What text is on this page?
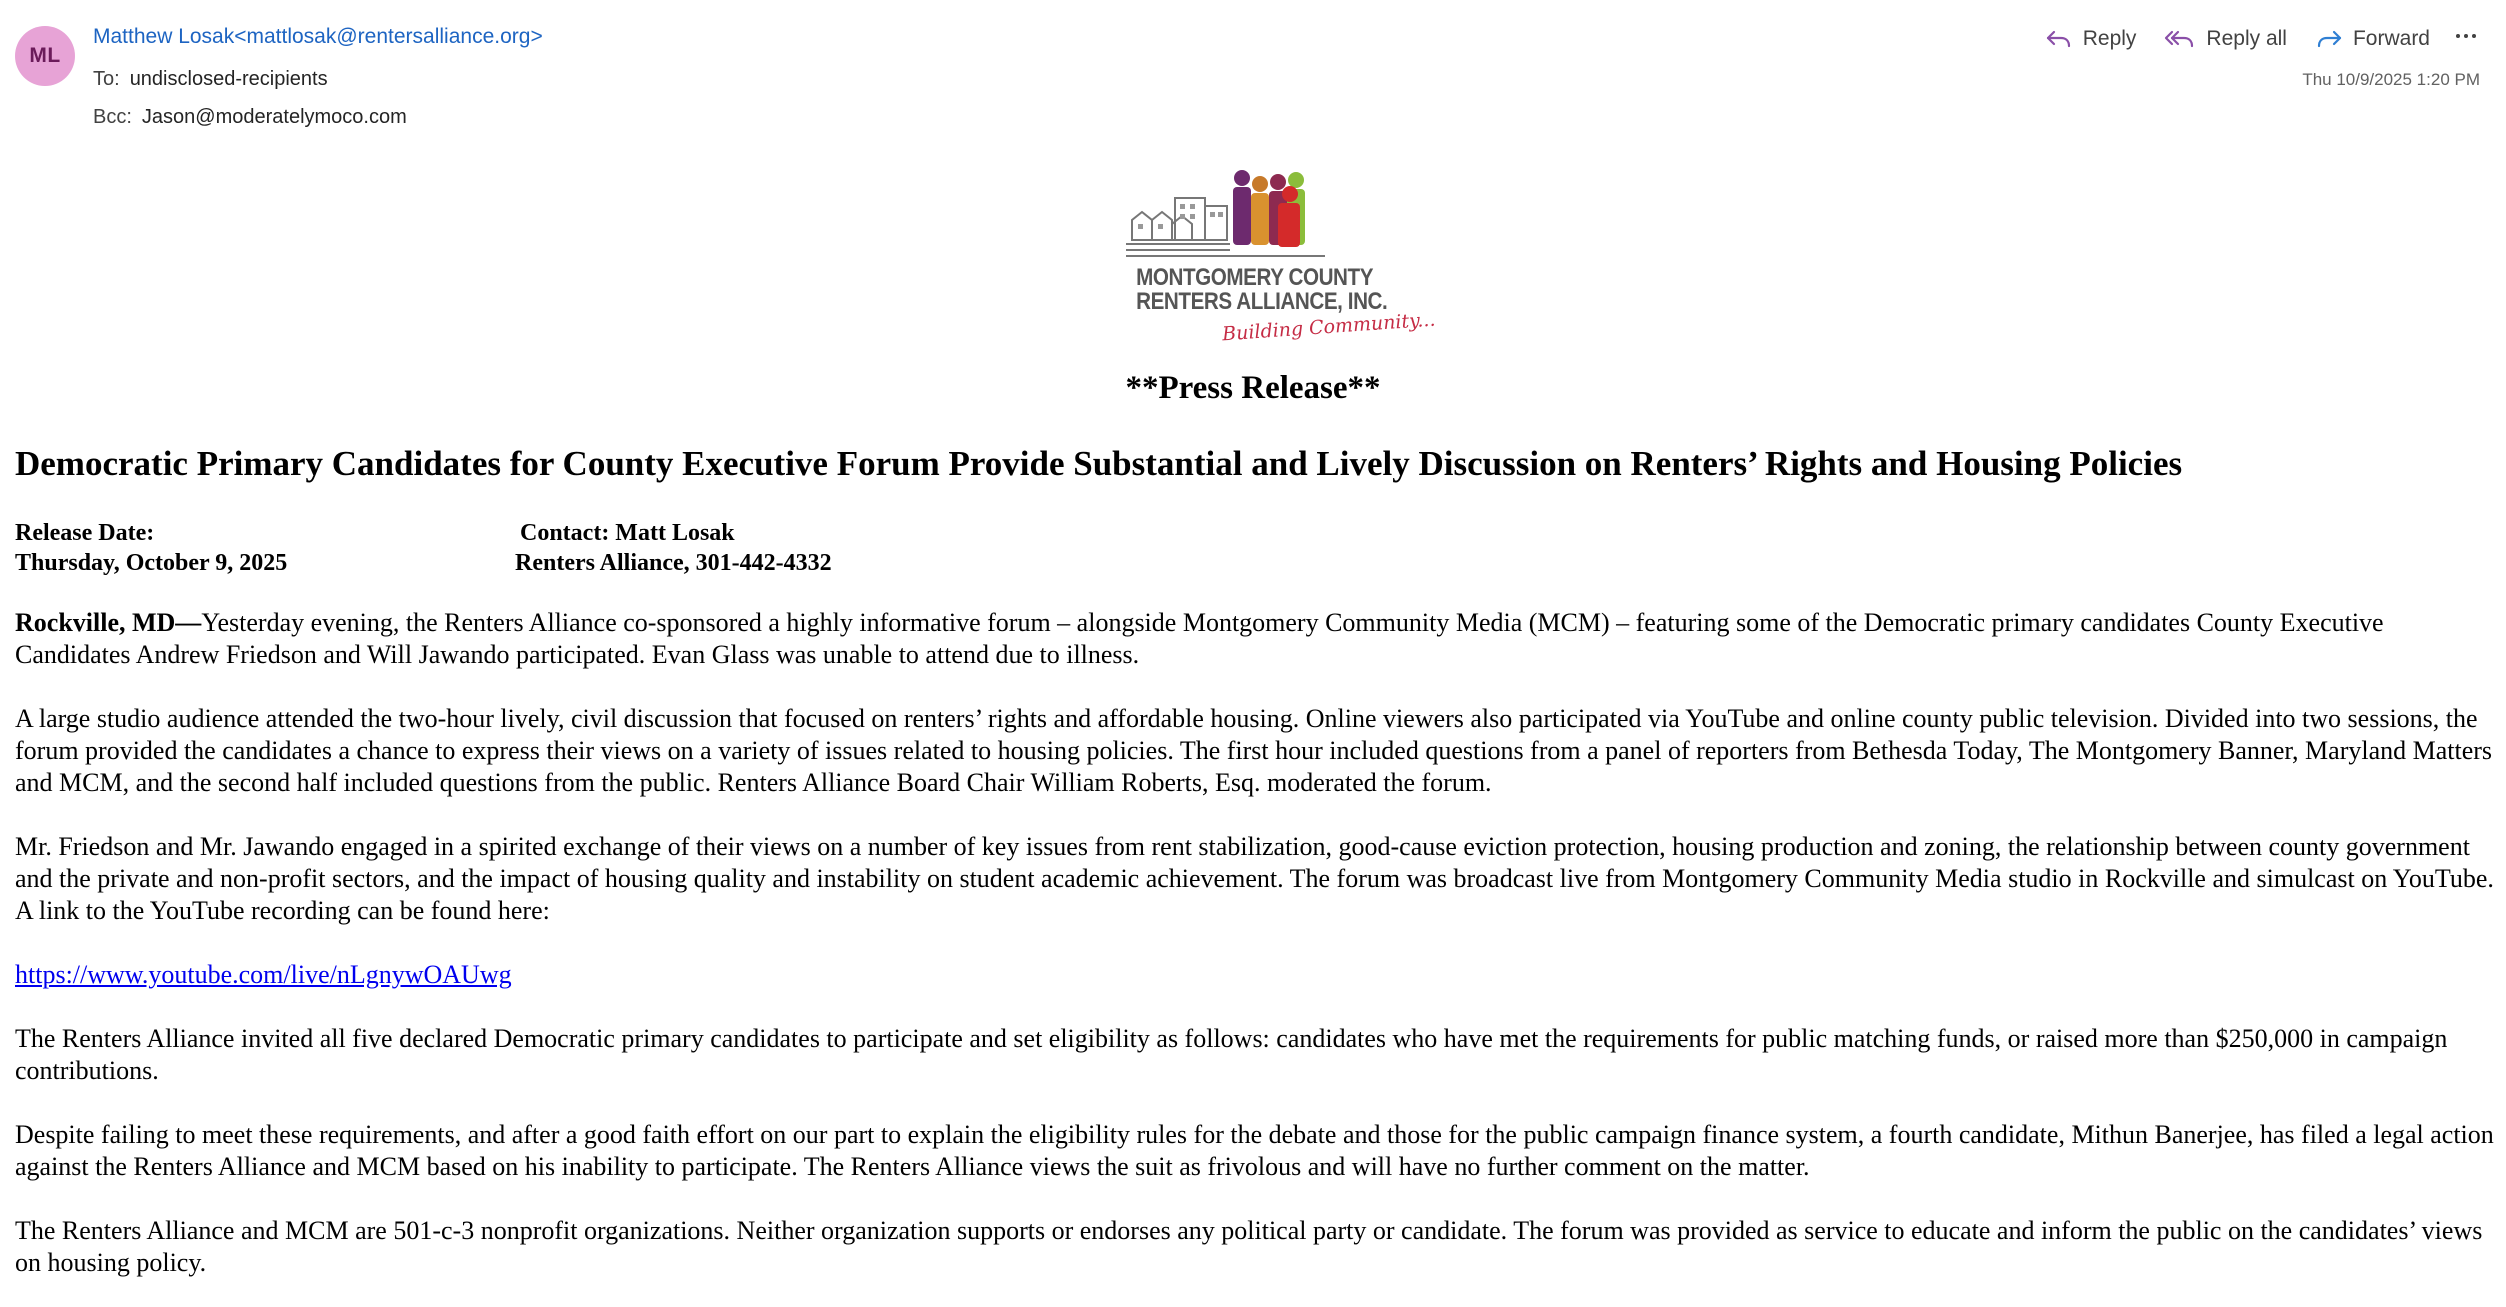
ML
Matthew Losak<mattlosak@rentersalliance.org>
To: undisclosed-recipients
Bcc: Jason@moderatelymoco.com
Reply	Reply all	Forward
Thu 10/9/2025 1:20 PM
MONTGOMERY COUNTY
RENTERS ALLIANCE, INC.
Building Community...
**Press Release**
Democratic Primary Candidates for County Executive Forum Provide Substantial and Lively Discussion on Renters’ Rights and Housing Policies
Release Date:
Thursday, October 9, 2025
Contact: Matt Losak
Renters Alliance, 301-442-4332
Rockville, MD—Yesterday evening, the Renters Alliance co-sponsored a highly informative forum – alongside Montgomery Community Media (MCM) – featuring some of the Democratic primary candidates County Executive Candidates Andrew Friedson and Will Jawando participated. Evan Glass was unable to attend due to illness.
A large studio audience attended the two-hour lively, civil discussion that focused on renters’ rights and affordable housing. Online viewers also participated via YouTube and online county public television. Divided into two sessions, the forum provided the candidates a chance to express their views on a variety of issues related to housing policies. The first hour included questions from a panel of reporters from Bethesda Today, The Montgomery Banner, Maryland Matters and MCM, and the second half included questions from the public. Renters Alliance Board Chair William Roberts, Esq. moderated the forum.
Mr. Friedson and Mr. Jawando engaged in a spirited exchange of their views on a number of key issues from rent stabilization, good-cause eviction protection, housing production and zoning, the relationship between county government and the private and non-profit sectors, and the impact of housing quality and instability on student academic achievement. The forum was broadcast live from Montgomery Community Media studio in Rockville and simulcast on YouTube. A link to the YouTube recording can be found here:
https://www.youtube.com/live/nLgnywOAUwg
The Renters Alliance invited all five declared Democratic primary candidates to participate and set eligibility as follows: candidates who have met the requirements for public matching funds, or raised more than $250,000 in campaign contributions.
Despite failing to meet these requirements, and after a good faith effort on our part to explain the eligibility rules for the debate and those for the public campaign finance system, a fourth candidate, Mithun Banerjee, has filed a legal action against the Renters Alliance and MCM based on his inability to participate. The Renters Alliance views the suit as frivolous and will have no further comment on the matter.
The Renters Alliance and MCM are 501-c-3 nonprofit organizations. Neither organization supports or endorses any political party or candidate. The forum was provided as service to educate and inform the public on the candidates’ views on housing policy.
